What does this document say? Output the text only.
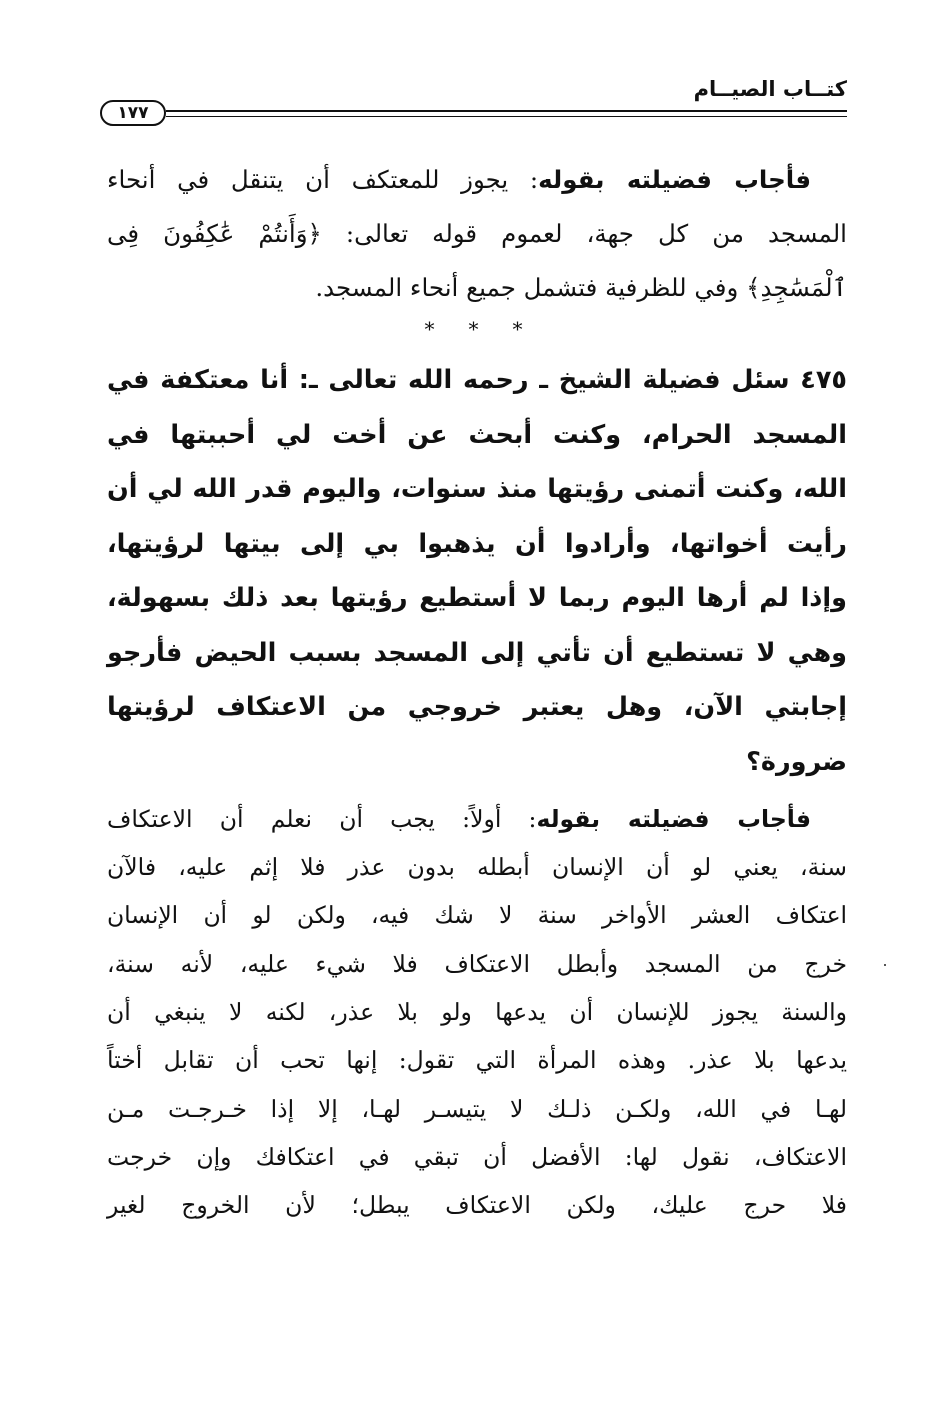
كتــاب الصيــام
١٧٧
فأجاب فضيلته بقوله: يجوز للمعتكف أن يتنقل في أنحاء
المسجد من كل جهة، لعموم قوله تعالى: ﴿وَأَنتُمْ عَٰكِفُونَ فِى
ٱلْمَسَٰجِدِ﴾ وفي للظرفية فتشمل جميع أنحاء المسجد.
* * *
٤٧٥ سئل فضيلة الشيخ ـ رحمه الله تعالى ـ: أنا معتكفة في
المسجد الحرام، وكنت أبحث عن أخت لي أحببتها في
الله، وكنت أتمنى رؤيتها منذ سنوات، واليوم قدر الله لي أن
رأيت أخواتها، وأرادوا أن يذهبوا بي إلى بيتها لرؤيتها،
وإذا لم أرها اليوم ربما لا أستطيع رؤيتها بعد ذلك بسهولة،
وهي لا تستطيع أن تأتي إلى المسجد بسبب الحيض فأرجو
إجابتي الآن، وهل يعتبر خروجي من الاعتكاف لرؤيتها
ضرورة؟
فأجاب فضيلته بقوله: أولاً: يجب أن نعلم أن الاعتكاف
سنة، يعني لو أن الإنسان أبطله بدون عذر فلا إثم عليه، فالآن
اعتكاف العشر الأواخر سنة لا شك فيه، ولكن لو أن الإنسان
خرج من المسجد وأبطل الاعتكاف فلا شيء عليه، لأنه سنة،
والسنة يجوز للإنسان أن يدعها ولو بلا عذر، لكنه لا ينبغي أن
يدعها بلا عذر. وهذه المرأة التي تقول: إنها تحب أن تقابل أختاً
لهـا في الله، ولكـن ذلـك لا يتيسـر لهـا، إلا إذا خـرجـت مـن
الاعتكاف، نقول لها: الأفضل أن تبقي في اعتكافك وإن خرجت
فلا حرج عليك، ولكن الاعتكاف يبطل؛ لأن الخروج لغير
